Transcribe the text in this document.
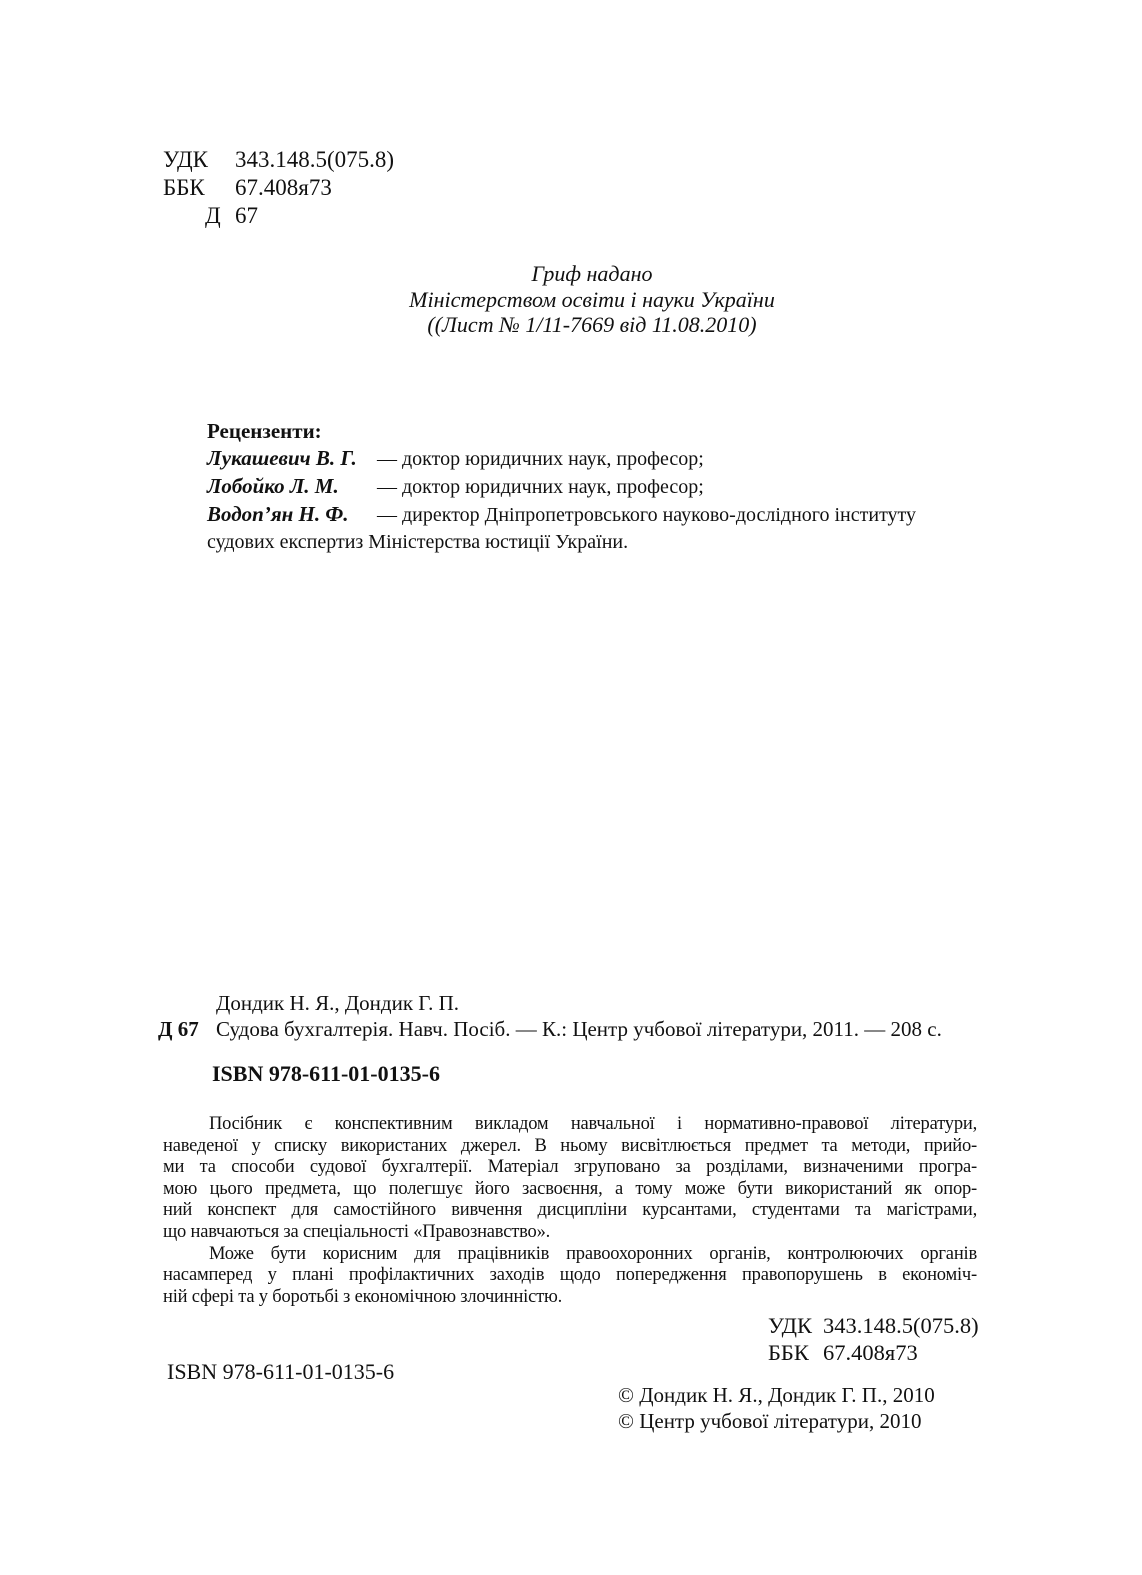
УДК 343.148.5(075.8)
ББК 67.408я73
Д 67
Гриф надано
Міністерством освіти і науки України
((Лист № 1/11-7669 від 11.08.2010)
Рецензенти:
Лукашевич В. Г. — доктор юридичних наук, професор;
Лобойко Л. М. — доктор юридичних наук, професор;
Водоп’ян Н. Ф. — директор Дніпропетровського науково-дослідного інституту судових експертиз Міністерства юстиції України.
Дондик Н. Я., Дондик Г. П.
Д 67 Судова бухгалтерія. Навч. Посіб. — К.: Центр учбової літератури, 2011. — 208 с.
ISBN 978-611-01-0135-6
Посібник є конспективним викладом навчальної і нормативно-правової літератури,
наведеної у списку використаних джерел. В ньому висвітлюється предмет та методи, прийо-
ми та способи судової бухгалтерії. Матеріал згруповано за розділами, визначеними програ-
мою цього предмета, що полегшує його засвоєння, а тому може бути використаний як опор-
ний конспект для самостійного вивчення дисципліни курсантами, студентами та магістрами,
що навчаються за спеціальності «Правознавство».
Може бути корисним для працівників правоохоронних органів, контролюючих органів
насамперед у плані профілактичних заходів щодо попередження правопорушень в економіч-
ній сфері та у боротьбі з економічною злочинністю.
УДК 343.148.5(075.8)
ББК 67.408я73
ISBN 978-611-01-0135-6
© Дондик Н. Я., Дондик Г. П., 2010
© Центр учбової літератури, 2010
